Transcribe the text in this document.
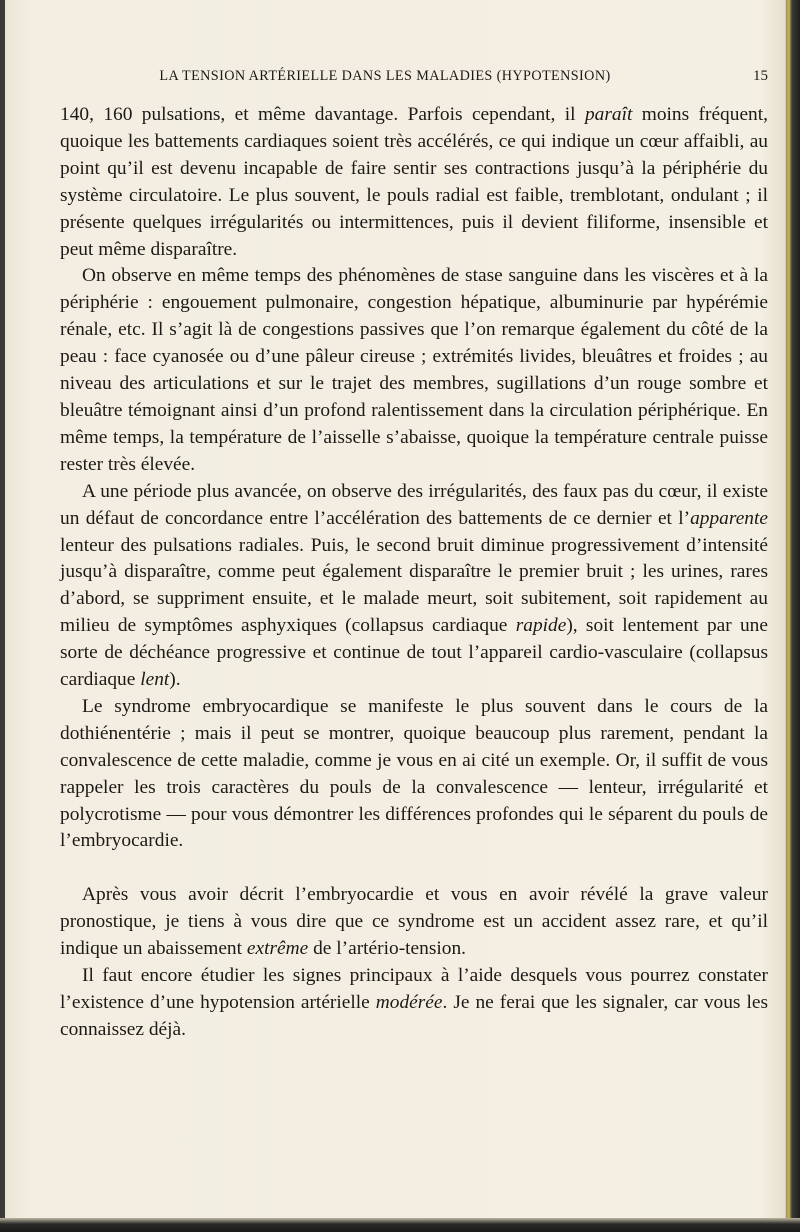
LA TENSION ARTÉRIELLE DANS LES MALADIES (HYPOTENSION)	15

140, 160 pulsations, et même davantage. Parfois cependant, il paraît moins fréquent, quoique les battements cardiaques soient très accélérés, ce qui indique un cœur affaibli, au point qu’il est devenu incapable de faire sentir ses contractions jusqu’à la périphérie du système circulatoire. Le plus souvent, le pouls radial est faible, tremblotant, ondulant ; il présente quelques irrégularités ou intermittences, puis il devient filiforme, insensible et peut même disparaître.

On observe en même temps des phénomènes de stase sanguine dans les viscères et à la périphérie : engouement pulmonaire, congestion hépatique, albuminurie par hypérémie rénale, etc. Il s’agit là de congestions passives que l’on remarque également du côté de la peau : face cyanosée ou d’une pâleur cireuse ; extrémités livides, bleuâtres et froides ; au niveau des articulations et sur le trajet des membres, sugillations d’un rouge sombre et bleuâtre témoignant ainsi d’un profond ralentissement dans la circulation périphérique. En même temps, la température de l’aisselle s’abaisse, quoique la température centrale puisse rester très élevée.

A une période plus avancée, on observe des irrégularités, des faux pas du cœur, il existe un défaut de concordance entre l’accélération des battements de ce dernier et l’apparente lenteur des pulsations radiales. Puis, le second bruit diminue progressivement d’intensité jusqu’à disparaître, comme peut également disparaître le premier bruit ; les urines, rares d’abord, se suppriment ensuite, et le malade meurt, soit subitement, soit rapidement au milieu de symptômes asphyxiques (collapsus cardiaque rapide), soit lentement par une sorte de déchéance progressive et continue de tout l’appareil cardio-vasculaire (collapsus cardiaque lent).

Le syndrome embryocardique se manifeste le plus souvent dans le cours de la dothiénentérie ; mais il peut se montrer, quoique beaucoup plus rarement, pendant la convalescence de cette maladie, comme je vous en ai cité un exemple. Or, il suffit de vous rappeler les trois caractères du pouls de la convalescence — lenteur, irrégularité et polycrotisme — pour vous démontrer les différences profondes qui le séparent du pouls de l’embryocardie.

Après vous avoir décrit l’embryocardie et vous en avoir révélé la grave valeur pronostique, je tiens à vous dire que ce syndrome est un accident assez rare, et qu’il indique un abaissement extrême de l’artério-tension.

Il faut encore étudier les signes principaux à l’aide desquels vous pourrez constater l’existence d’une hypotension artérielle modérée. Je ne ferai que les signaler, car vous les connaissez déjà.
